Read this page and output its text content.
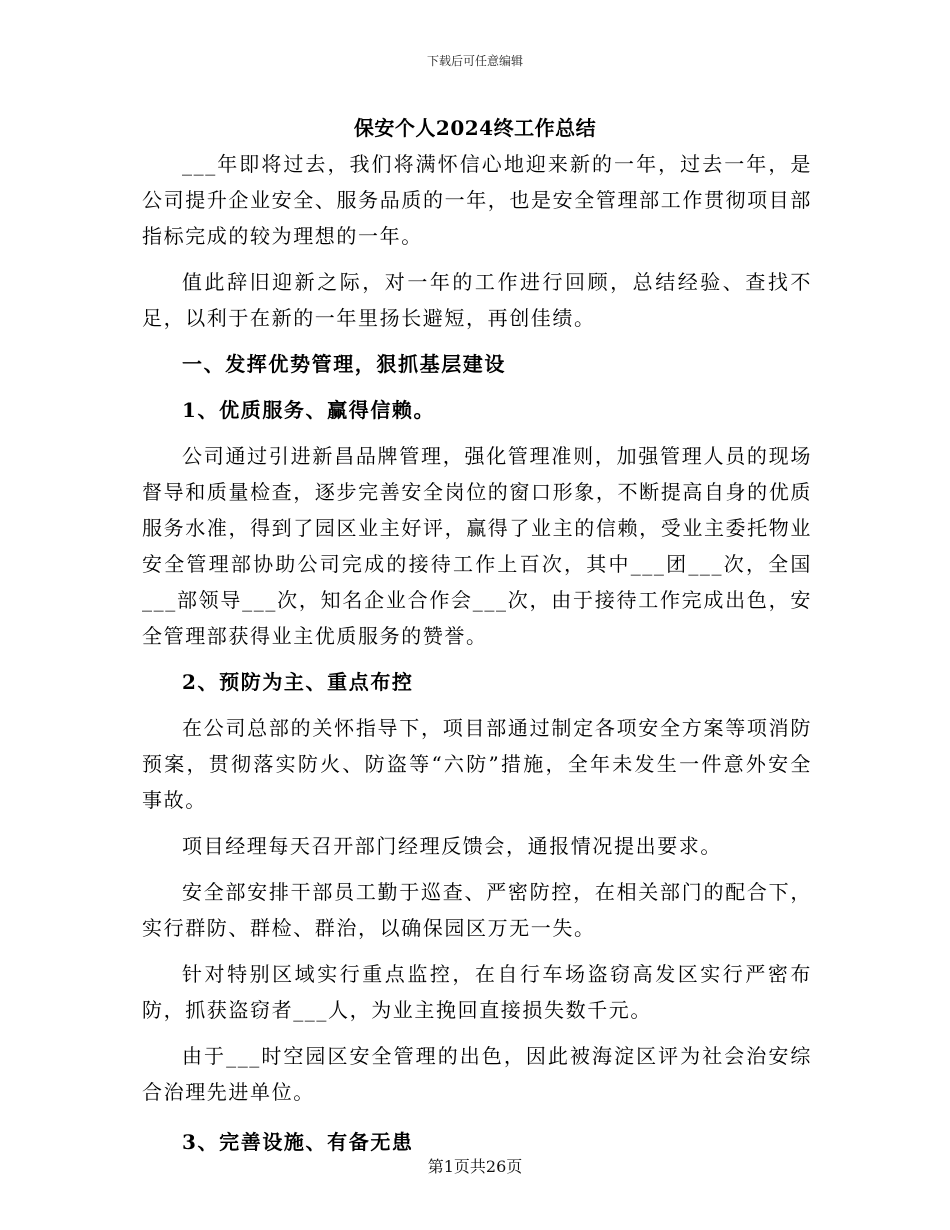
下载后可任意编辑
保安个人2024终工作总结

___年即将过去，我们将满怀信心地迎来新的一年，过去一年，是公司提升企业安全、服务品质的一年，也是安全管理部工作贯彻项目部指标完成的较为理想的一年。

值此辞旧迎新之际，对一年的工作进行回顾，总结经验、查找不足，以利于在新的一年里扬长避短，再创佳绩。

一、发挥优势管理，狠抓基层建设

1、优质服务、赢得信赖。

公司通过引进新昌品牌管理，强化管理准则，加强管理人员的现场督导和质量检查，逐步完善安全岗位的窗口形象，不断提高自身的优质服务水准，得到了园区业主好评，赢得了业主的信赖，受业主委托物业安全管理部协助公司完成的接待工作上百次，其中___团___次，全国___部领导___次，知名企业合作会___次，由于接待工作完成出色，安全管理部获得业主优质服务的赞誉。

2、预防为主、重点布控

在公司总部的关怀指导下，项目部通过制定各项安全方案等项消防预案，贯彻落实防火、防盗等“六防”措施，全年未发生一件意外安全事故。

项目经理每天召开部门经理反馈会，通报情况提出要求。

安全部安排干部员工勤于巡查、严密防控，在相关部门的配合下，实行群防、群检、群治，以确保园区万无一失。

针对特别区域实行重点监控，在自行车场盗窃高发区实行严密布防，抓获盗窃者___人，为业主挽回直接损失数千元。

由于___时空园区安全管理的出色，因此被海淀区评为社会治安综合治理先进单位。

3、完善设施、有备无患

第1页共26页
